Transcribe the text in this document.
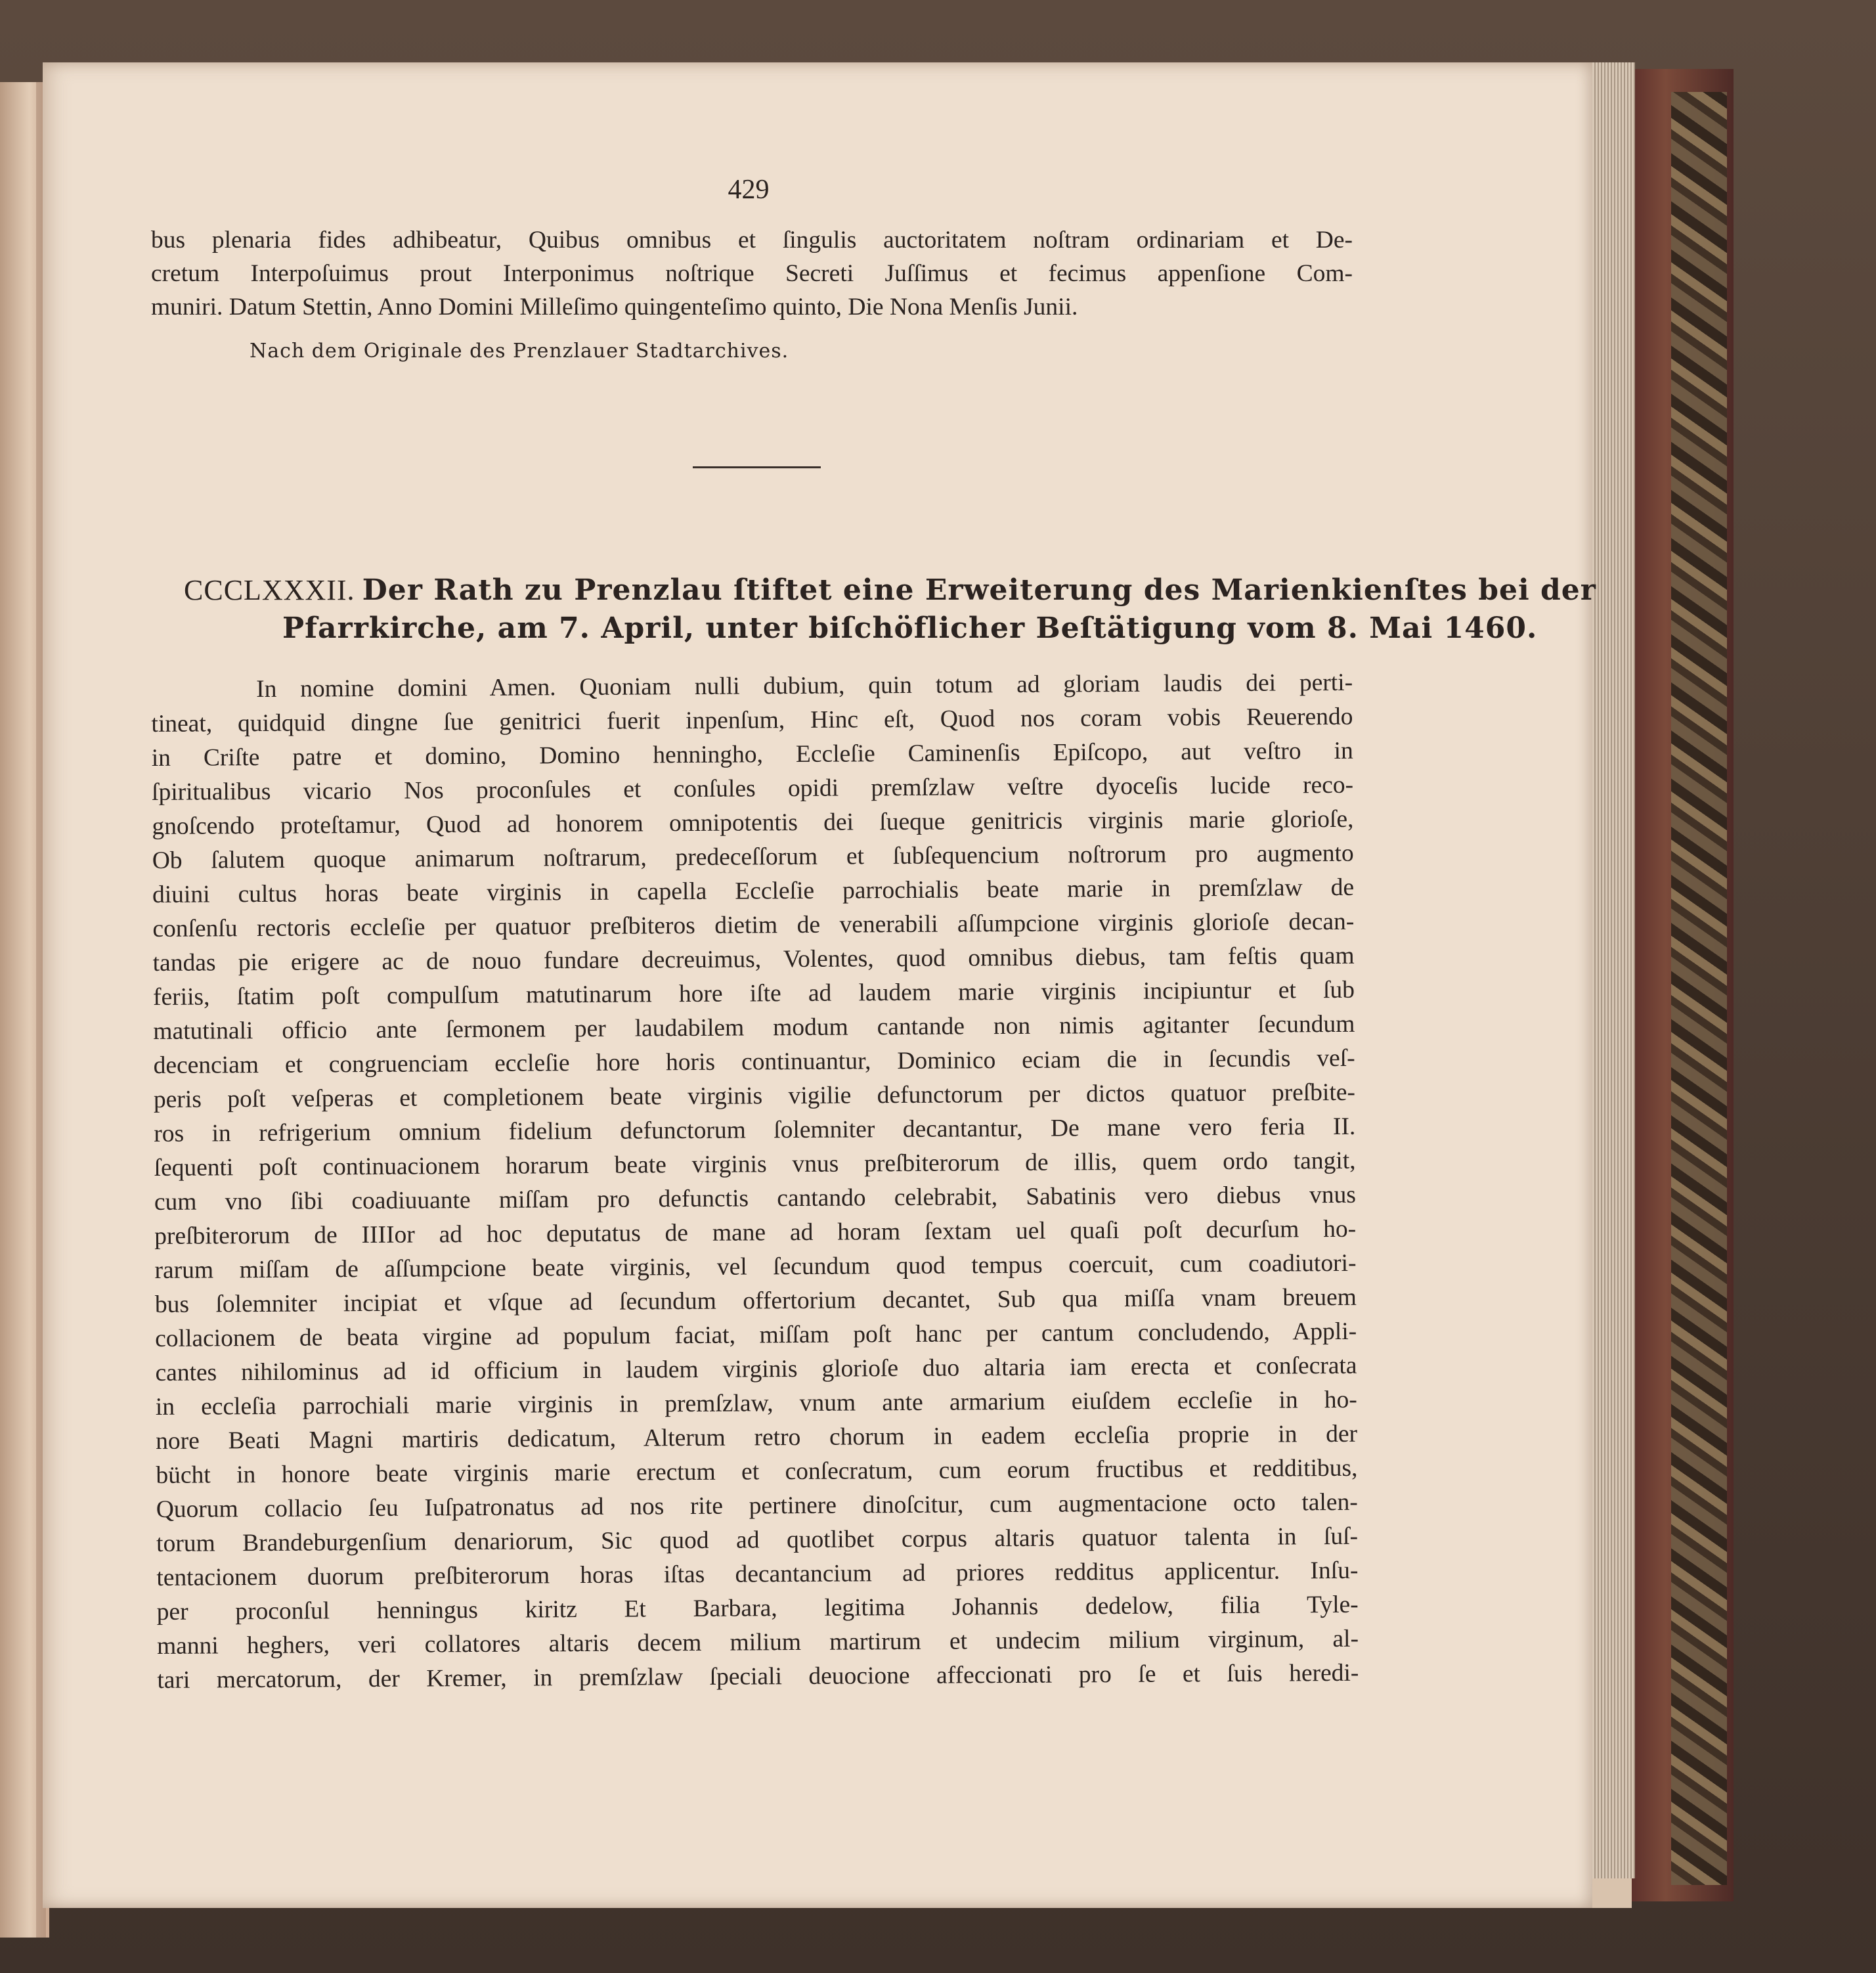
429
bus plenaria fides adhibeatur, Quibus omnibus et ſingulis auctoritatem noſtram ordinariam et De-
cretum Interpoſuimus prout Interponimus noſtrique Secreti Juſſimus et fecimus appenſione Com-
muniri. Datum Stettin, Anno Domini Milleſimo quingenteſimo quinto, Die Nona Menſis Junii.
Nach dem Originale des Prenzlauer Stadtarchives.
CCCLXXXII. Der Rath zu Prenzlau ſtiftet eine Erweiterung des Marienkienſtes bei der
Pfarrkirche, am 7. April, unter biſchöflicher Beſtätigung vom 8. Mai 1460.
In nomine domini Amen. Quoniam nulli dubium, quin totum ad gloriam laudis dei perti-
tineat, quidquid dingne ſue genitrici fuerit inpenſum, Hinc eſt, Quod nos coram vobis Reuerendo
in Criſte patre et domino, Domino henningho, Eccleſie Caminenſis Epiſcopo, aut veſtro in
ſpiritualibus vicario Nos proconſules et conſules opidi premſzlaw veſtre dyoceſis lucide reco-
gnoſcendo proteſtamur, Quod ad honorem omnipotentis dei ſueque genitricis virginis marie glorioſe,
Ob ſalutem quoque animarum noſtrarum, predeceſſorum et ſubſequencium noſtrorum pro augmento
diuini cultus horas beate virginis in capella Eccleſie parrochialis beate marie in premſzlaw de
conſenſu rectoris eccleſie per quatuor preſbiteros dietim de venerabili aſſumpcione virginis glorioſe decan-
tandas pie erigere ac de nouo fundare decreuimus, Volentes, quod omnibus diebus, tam feſtis quam
feriis, ſtatim poſt compulſum matutinarum hore iſte ad laudem marie virginis incipiuntur et ſub
matutinali officio ante ſermonem per laudabilem modum cantande non nimis agitanter ſecundum
decenciam et congruenciam eccleſie hore horis continuantur, Dominico eciam die in ſecundis veſ-
peris poſt veſperas et completionem beate virginis vigilie defunctorum per dictos quatuor preſbite-
ros in refrigerium omnium fidelium defunctorum ſolemniter decantantur, De mane vero feria II.
ſequenti poſt continuacionem horarum beate virginis vnus preſbiterorum de illis, quem ordo tangit,
cum vno ſibi coadiuuante miſſam pro defunctis cantando celebrabit, Sabatinis vero diebus vnus
preſbiterorum de IIIIor ad hoc deputatus de mane ad horam ſextam uel quaſi poſt decurſum ho-
rarum miſſam de aſſumpcione beate virginis, vel ſecundum quod tempus coercuit, cum coadiutori-
bus ſolemniter incipiat et vſque ad ſecundum offertorium decantet, Sub qua miſſa vnam breuem
collacionem de beata virgine ad populum faciat, miſſam poſt hanc per cantum concludendo, Appli-
cantes nihilominus ad id officium in laudem virginis glorioſe duo altaria iam erecta et conſecrata
in eccleſia parrochiali marie virginis in premſzlaw, vnum ante armarium eiuſdem eccleſie in ho-
nore Beati Magni martiris dedicatum, Alterum retro chorum in eadem eccleſia proprie in der
bücht in honore beate virginis marie erectum et conſecratum, cum eorum fructibus et redditibus,
Quorum collacio ſeu Iuſpatronatus ad nos rite pertinere dinoſcitur, cum augmentacione octo talen-
torum Brandeburgenſium denariorum, Sic quod ad quotlibet corpus altaris quatuor talenta in ſuſ-
tentacionem duorum preſbiterorum horas iſtas decantancium ad priores redditus applicentur. Inſu-
per proconſul henningus kiritz Et Barbara, legitima Johannis dedelow, filia Tyle-
manni heghers, veri collatores altaris decem milium martirum et undecim milium virginum, al-
tari mercatorum, der Kremer, in premſzlaw ſpeciali deuocione affeccionati pro ſe et ſuis heredi-
